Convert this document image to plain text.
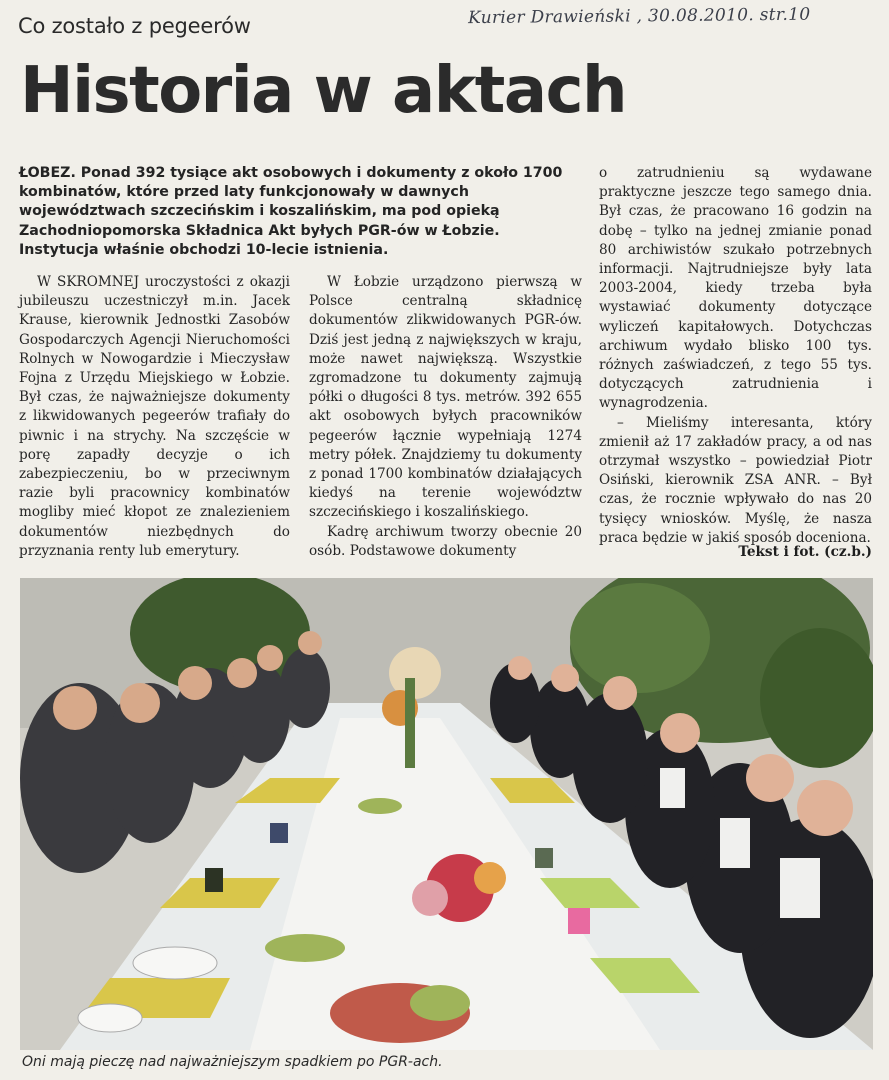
Co zostało z pegeerów	Kurier Drawieński , 30.08.2010. str.10
Historia w aktach
ŁOBEZ. Ponad 392 tysiące akt osobowych i dokumenty z około 1700 kombinatów, które przed laty funkcjonowały w dawnych województwach szczecińskim i koszalińskim, ma pod opieką Zachodniopomorska Składnica Akt byłych PGR-ów w Łobzie. Instytucja właśnie obchodzi 10-lecie istnienia.

W SKROMNEJ uroczystości z okazji jubileuszu uczestniczył m.in. Jacek Krause, kierownik Jednostki Zasobów Gospodarczych Agencji Nieruchomości Rolnych w Nowogardzie i Mieczysław Fojna z Urzędu Miejskiego w Łobzie. Był czas, że najważniejsze dokumenty z likwidowanych pegeerów trafiały do piwnic i na strychy. Na szczęście w porę zapadły decyzje o ich zabezpieczeniu, bo w przeciwnym razie byli pracownicy kombinatów mogliby mieć kłopot ze znalezieniem dokumentów niezbędnych do przyznania renty lub emerytury.

W Łobzie urządzono pierwszą w Polsce centralną składnicę dokumentów zlikwidowanych PGR-ów. Dziś jest jedną z największych w kraju, może nawet największą. Wszystkie zgromadzone tu dokumenty zajmują półki o długości 8 tys. metrów. 392 655 akt osobowych byłych pracowników pegeerów łącznie wypełniają 1274 metry półek. Znajdziemy tu dokumenty z ponad 1700 kombinatów działających kiedyś na terenie województw szczecińskiego i koszalińskiego.

Kadrę archiwum tworzy obecnie 20 osób. Podstawowe dokumenty

o zatrudnieniu są wydawane praktyczne jeszcze tego samego dnia. Był czas, że pracowano 16 godzin na dobę – tylko na jednej zmianie ponad 80 archiwistów szukało potrzebnych informacji. Najtrudniejsze były lata 2003-2004, kiedy trzeba była wystawiać dokumenty dotyczące wyliczeń kapitałowych. Dotychczas archiwum wydało blisko 100 tys. różnych zaświadczeń, z tego 55 tys. dotyczących zatrudnienia i wynagrodzenia.

– Mieliśmy interesanta, który zmienił aż 17 zakładów pracy, a od nas otrzymał wszystko – powiedział Piotr Osiński, kierownik ZSA ANR. – Był czas, że rocznie wpływało do nas 20 tysięcy wniosków. Myślę, że nasza praca będzie w jakiś sposób doceniona.

Tekst i fot. (cz.b.)
Oni mają pieczę nad najważniejszym spadkiem po PGR-ach.
